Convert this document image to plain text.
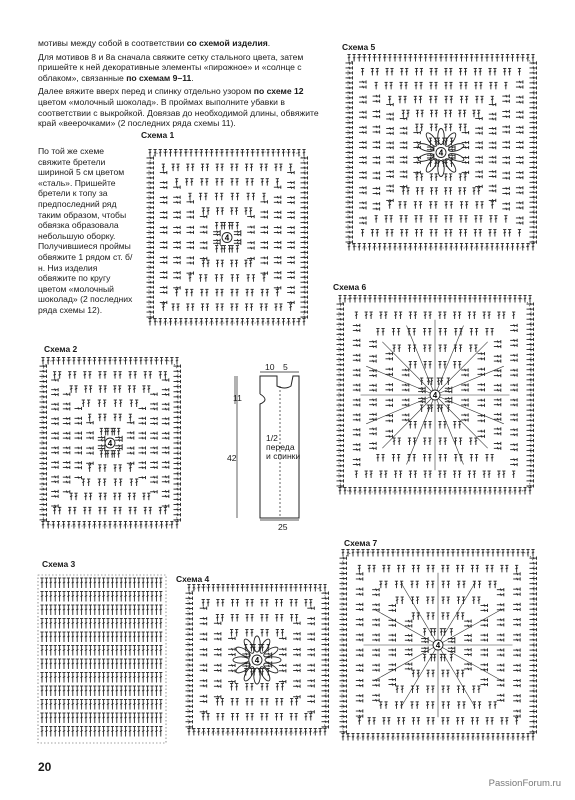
мотивы между собой в соответствии со схемой изделия.

Для мотивов 8 и 8а сначала свяжите сетку стального цвета, затем пришейте к ней декоративные элементы «пирожное» и «солнце с облаком», связанные по схемам 9–11.

Далее вяжите вверх перед и спинку отдельно узором по схеме 12 цветом «молочный шоколад». В проймах выполните убавки в соответствии с выкройкой. Довязав до необходимой длины, обвяжите край «веерочками» (2 последних ряда схемы 11).

По той же схеме свяжите бретели шириной 5 см цветом «сталь». Пришейте бретели к топу за предпоследний ряд таким образом, чтобы обвязка образовала небольшую оборку. Получившиеся проймы обвяжите 1 рядом ст. б/н. Низ изделия обвяжите по кругу цветом «молочный шоколад» (2 последних ряда схемы 12).

Схема 1
Схема 2
Схема 3
Схема 4
Схема 5
Схема 6
Схема 7
4
4
4
4
4
4
10 5
11
42
25
1/2
переда
и спинки
20
PassionForum.ru
